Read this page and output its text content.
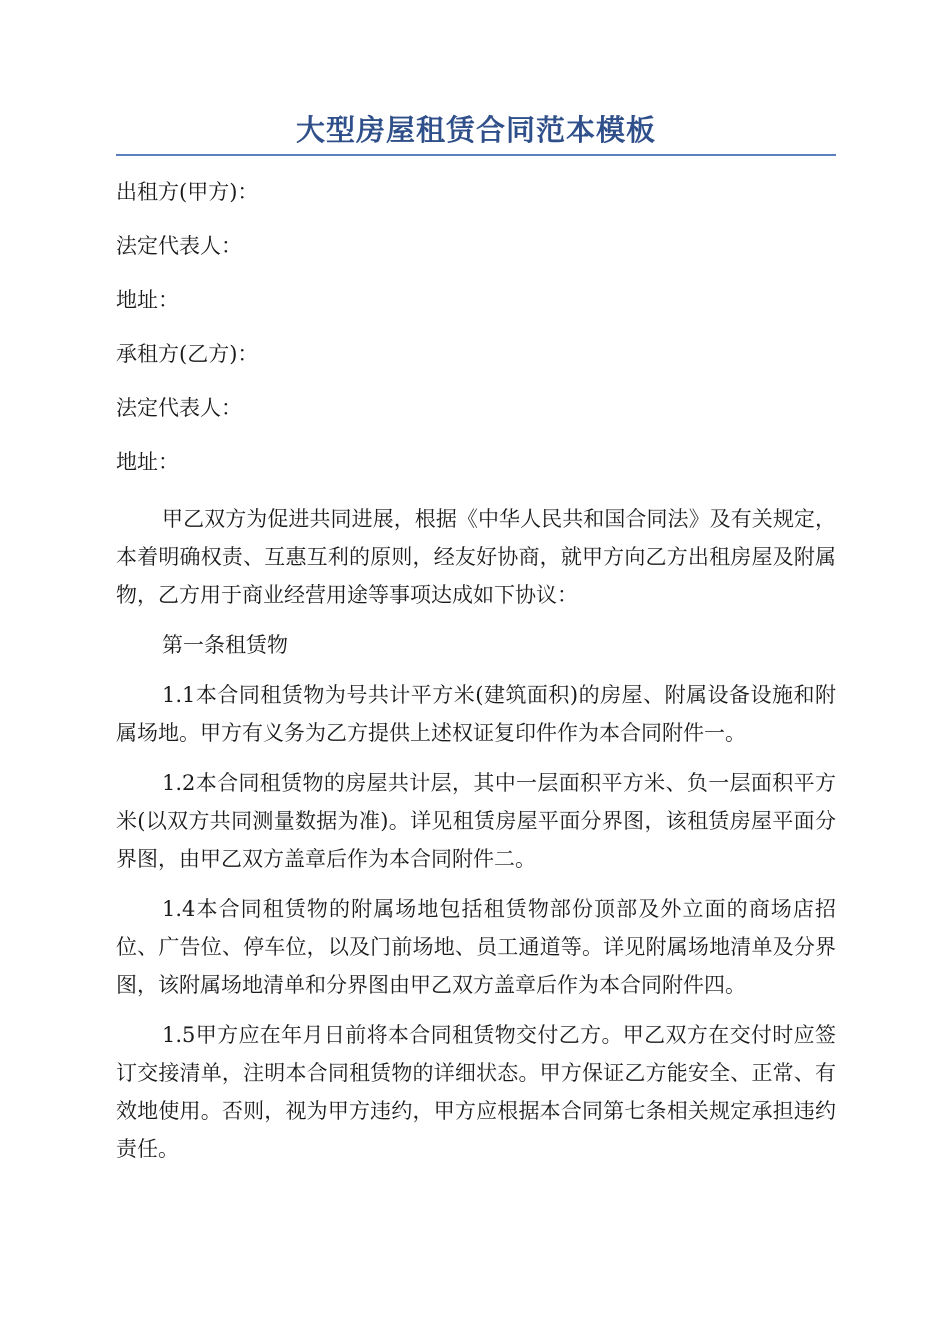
大型房屋租赁合同范本模板

出租方(甲方)：

法定代表人：

地址：

承租方(乙方)：

法定代表人：

地址：

甲乙双方为促进共同进展，根据《中华人民共和国合同法》及有关规定，本着明确权责、互惠互利的原则，经友好协商，就甲方向乙方出租房屋及附属物，乙方用于商业经营用途等事项达成如下协议：

第一条租赁物

1.1本合同租赁物为号共计平方米(建筑面积)的房屋、附属设备设施和附属场地。甲方有义务为乙方提供上述权证复印件作为本合同附件一。

1.2本合同租赁物的房屋共计层，其中一层面积平方米、负一层面积平方米(以双方共同测量数据为准)。详见租赁房屋平面分界图，该租赁房屋平面分界图，由甲乙双方盖章后作为本合同附件二。

1.4本合同租赁物的附属场地包括租赁物部份顶部及外立面的商场店招位、广告位、停车位，以及门前场地、员工通道等。详见附属场地清单及分界图，该附属场地清单和分界图由甲乙双方盖章后作为本合同附件四。

1.5甲方应在年月日前将本合同租赁物交付乙方。甲乙双方在交付时应签订交接清单，注明本合同租赁物的详细状态。甲方保证乙方能安全、正常、有效地使用。否则，视为甲方违约，甲方应根据本合同第七条相关规定承担违约责任。
